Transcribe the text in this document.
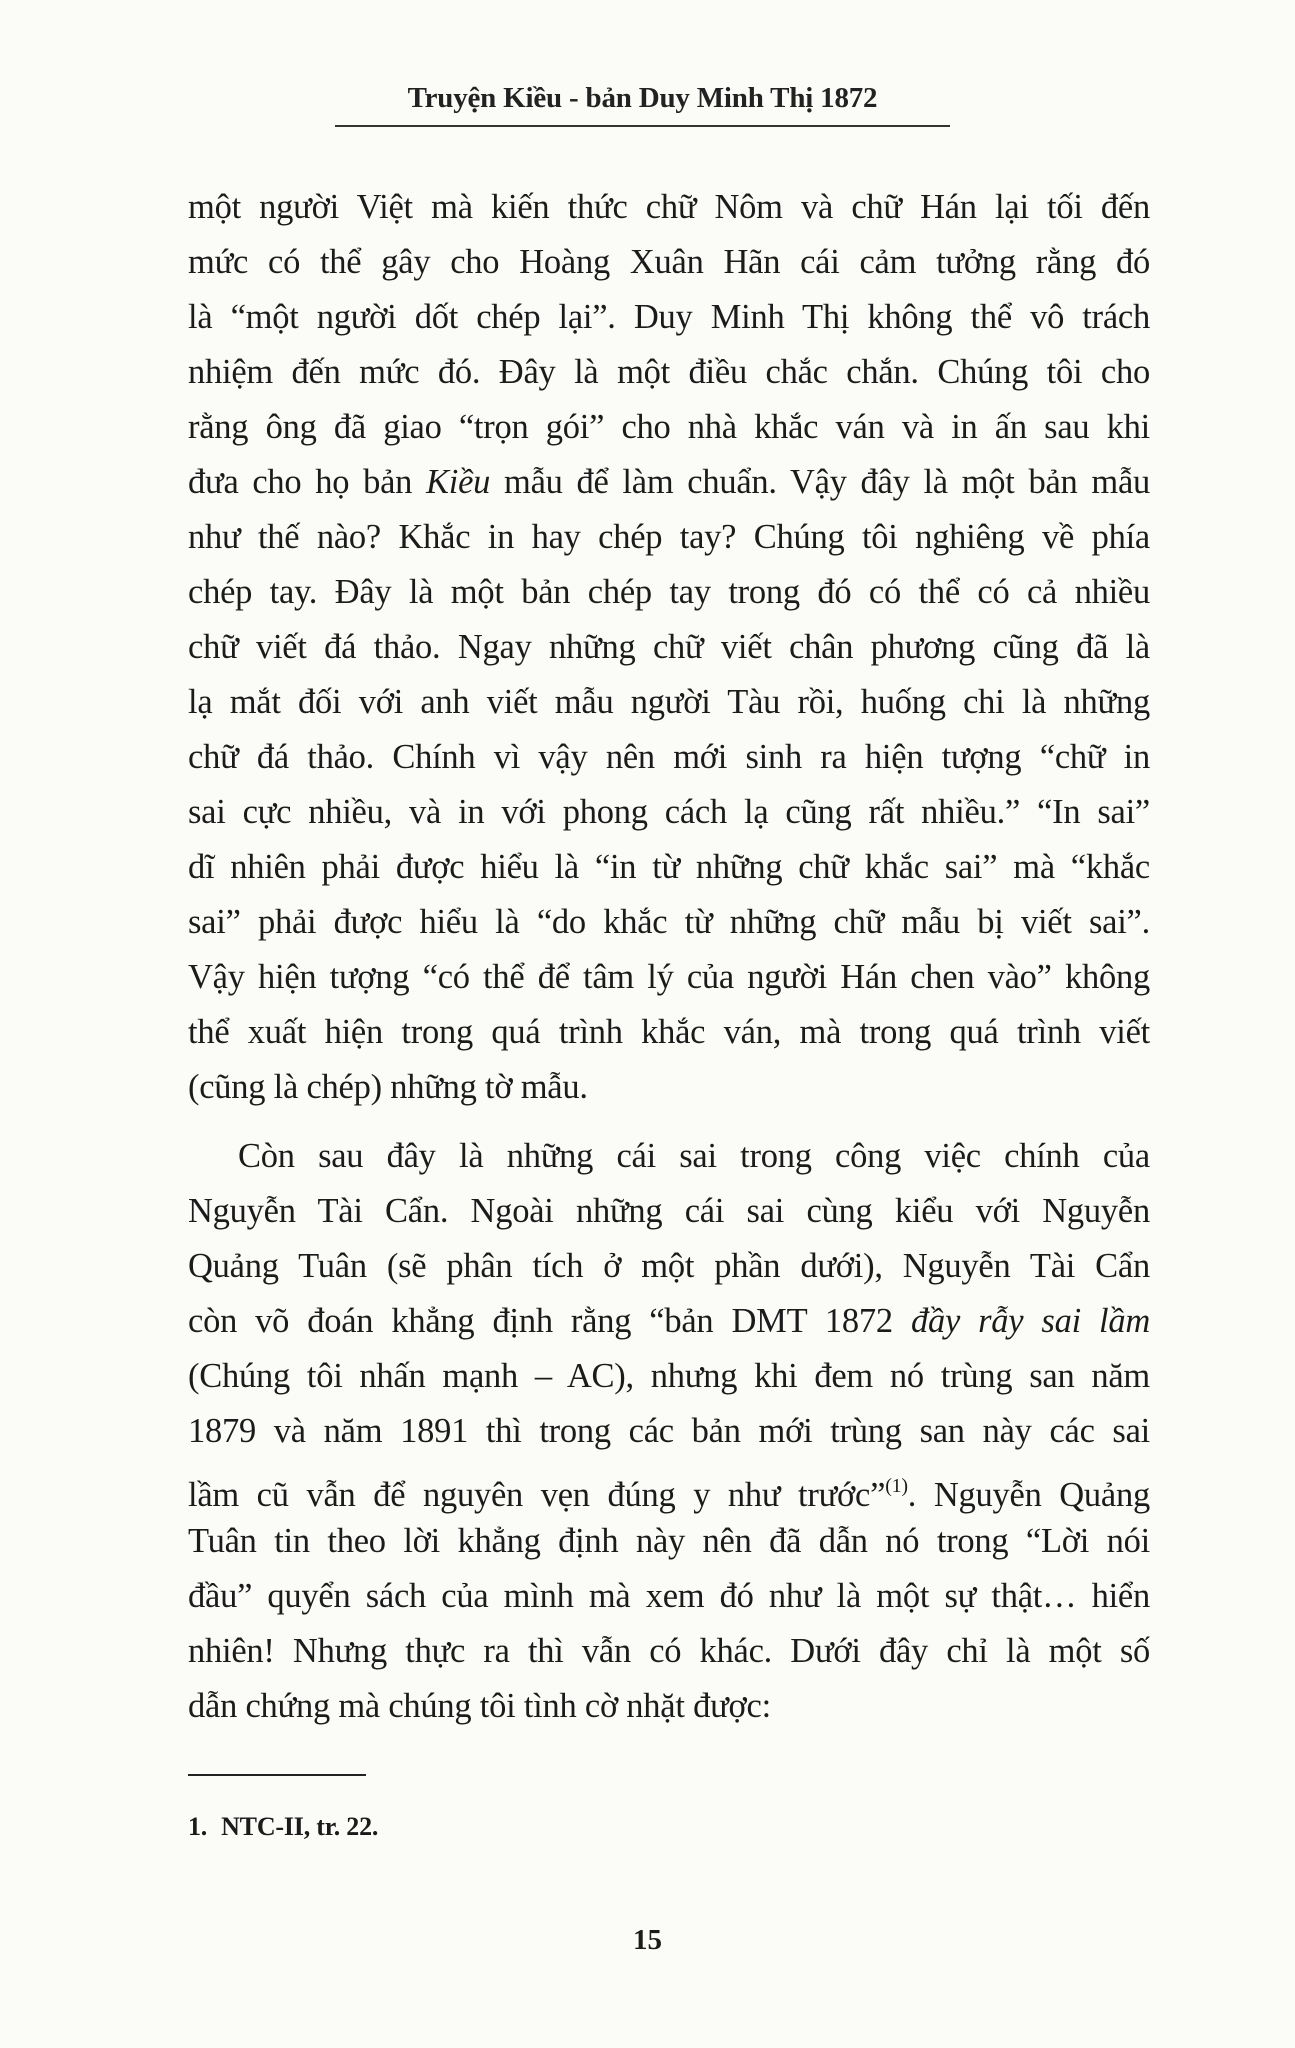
Truyện Kiều - bản Duy Minh Thị 1872
một người Việt mà kiến thức chữ Nôm và chữ Hán lại tối đến
mức có thể gây cho Hoàng Xuân Hãn cái cảm tưởng rằng đó
là “một người dốt chép lại”. Duy Minh Thị không thể vô trách
nhiệm đến mức đó. Đây là một điều chắc chắn. Chúng tôi cho
rằng ông đã giao “trọn gói” cho nhà khắc ván và in ấn sau khi
đưa cho họ bản Kiều mẫu để làm chuẩn. Vậy đây là một bản mẫu
như thế nào? Khắc in hay chép tay? Chúng tôi nghiêng về phía
chép tay. Đây là một bản chép tay trong đó có thể có cả nhiều
chữ viết đá thảo. Ngay những chữ viết chân phương cũng đã là
lạ mắt đối với anh viết mẫu người Tàu rồi, huống chi là những
chữ đá thảo. Chính vì vậy nên mới sinh ra hiện tượng “chữ in
sai cực nhiều, và in với phong cách lạ cũng rất nhiều.” “In sai”
dĩ nhiên phải được hiểu là “in từ những chữ khắc sai” mà “khắc
sai” phải được hiểu là “do khắc từ những chữ mẫu bị viết sai”.
Vậy hiện tượng “có thể để tâm lý của người Hán chen vào” không
thể xuất hiện trong quá trình khắc ván, mà trong quá trình viết
(cũng là chép) những tờ mẫu.
Còn sau đây là những cái sai trong công việc chính của
Nguyễn Tài Cẩn. Ngoài những cái sai cùng kiểu với Nguyễn
Quảng Tuân (sẽ phân tích ở một phần dưới), Nguyễn Tài Cẩn
còn võ đoán khẳng định rằng “bản DMT 1872 đầy rẫy sai lầm
(Chúng tôi nhấn mạnh – AC), nhưng khi đem nó trùng san năm
1879 và năm 1891 thì trong các bản mới trùng san này các sai
lầm cũ vẫn để nguyên vẹn đúng y như trước”$^{(1)}$. Nguyễn Quảng
Tuân tin theo lời khẳng định này nên đã dẫn nó trong “Lời nói
đầu” quyển sách của mình mà xem đó như là một sự thật… hiển
nhiên! Nhưng thực ra thì vẫn có khác. Dưới đây chỉ là một số
dẫn chứng mà chúng tôi tình cờ nhặt được:
1. NTC-II, tr. 22.
15
